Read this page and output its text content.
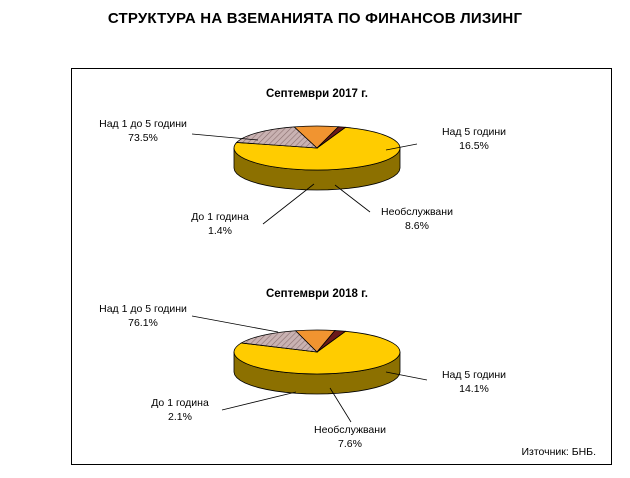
СТРУКТУРА НА ВЗЕМАНИЯТА ПО ФИНАНСОВ ЛИЗИНГ
Септември 2017 г.
Над 1 до 5 години
73.5%	Над 5 години
16.5%
Необслужвани
8.6%
До 1 година
1.4%
Септември 2018 г.
Над 1 до 5 години
76.1%
Над 5 години
14.1%
Необслужвани
7.6%
До 1 година
2.1%
Източник: БНБ.
